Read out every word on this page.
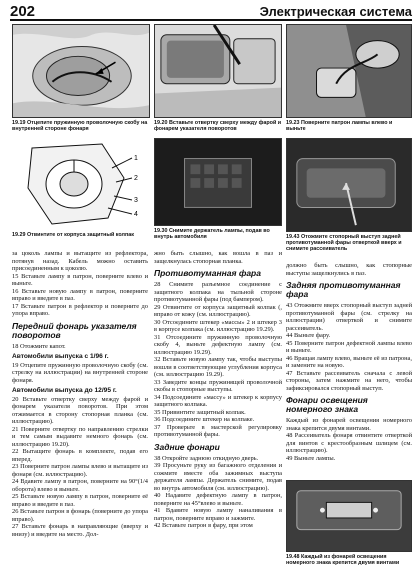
202	Электрическая система
19.19 Отцепите пружинную проволочную скобу на внутренней стороне фонаря
19.20 Вставьте отвертку сверху между фарой и фонарем указателя поворотов
19.23 Поверните патрон лампы влево и выньте
1
2
3
4
19.29 Отвинтите от корпуса защитный колпак
19.30 Снимите держатель лампы, подав во внутрь автомобиля	19.43 Отожмите стопорный выступ задней противотуманной фары отверткой вверх и снимите рассеиватель
19.48 Каждый из фонарей освещения номерного знака крепится двумя винтами

за цоколь лампы и вытащите из рефлектора, потянув назад. Кабель можно оставить присоединенным к цоколю.

15 Вставьте лампу в патрон, поверните влево и выньте.

16 Вставьте новую лампу в патрон, поверните вправо и введите в паз.

17 Вставьте патрон в рефлектор и поверните до упора вправо.

Передний фонарь указателя поворотов

18 Отожмите капот.

Автомобили выпуска с 1/96 г.

19 Отцепите пружинную проволочную скобу (см. стрелку на иллюстрации) на внутренней стороне фонаря.

Автомобили выпуска до 12/95 г.

20 Вставьте отвертку сверху между фарой и фонарем указателя поворотов. При этом отжимается в сторону стопорная планка (см. иллюстрацию).

21 Поверните отвертку по направлению стрелки и тем самым выдавите немного фонарь (см. иллюстрацию 19.20).

22 Вытащите фонарь в комплекте, подав его вперед.

23 Поверните патрон лампы влево и вытащите из фонаря (см. иллюстрацию).

24 Вдавите лампу в патрон, поверните на 90°(1/4 оборота) влево и выньте.

25 Вставьте новую лампу в патрон, поверните её вправо и введите в паз.

26 Вставьте патрон в фонарь (поверните до упора вправо).

27 Вставьте фонарь в направляющие (вверху и внизу) и введите на место. Дол-

жно быть слышно, как вошла в паз и защелкнулась стопорная планка.

Противотуманная фара

28 Снимите разъемное соединение с защитного колпака на тыльной стороне противотуманной фары (под бампером).

29 Отвинтите от корпуса защитный колпак (, вправо от кожу (см. иллюстрацию).

30 Отсоедините штекер «массы» 2 и штекер 3 в корпусе колпака (см. иллюстрацию 19.29).

31 Отсоедините пружинную проволочную скобу 4, выньте дефектную лампу (см. иллюстрацию 19.29).

32 Вставьте новую лампу так, чтобы выступы вошли в соответствующие углубления корпуса (см. иллюстрацию 19.29).

33 Заведите концы пружинящей проволочной скобы в стопорные выступы.

34 Подсоедините «массу» и штекер к корпусу защитного колпака.

35 Привинтите защитный колпак.

36 Подсоедините штекер на колпаке.

37 Проверьте в мастерской регулировку противотуманной фары.

Задние фонари

38 Откройте заднюю откидную дверь.

39 Просуньте руку из багажного отделения и сожмите вместе оба зажимных выступа держателя лампы. Держатель снимите, подав во внутрь автомобиля (см. иллюстрацию).

40 Надавите дефектную лампу в патрон, поверните на 45°влево и выньте.

41 Вдавите новую лампу наналивания в патрон, поверните вправо и зажмите.

42 Вставьте патрон в фару, при этом

должно быть слышно, как стопорные выступы защелкнулись в паз.

Задняя противотуманная фара

43 Отожмите вверх стопорный выступ задней противотуманной фары (см. стрелку на иллюстрации) отверткой и снимите рассеиватель.

44 Выньте фару.

45 Поверните патрон дефектной лампы влево и выньте.

46 Вращая лампу влево, выньте её из патрона, и замените на новую.

47 Вставьте рассеиватель сначала с левой стороны, затем нажмите на него, чтобы зафиксировался стопорный выступ.

Фонари освещения номерного знака

Каждый из фонарей освещения номерного знака крепится двумя винтами.

48 Рассеиватель фонаря отвинтите отверткой для винтов с крестообразным шлицем (см. иллюстрацию).

49 Выньте лампы.
